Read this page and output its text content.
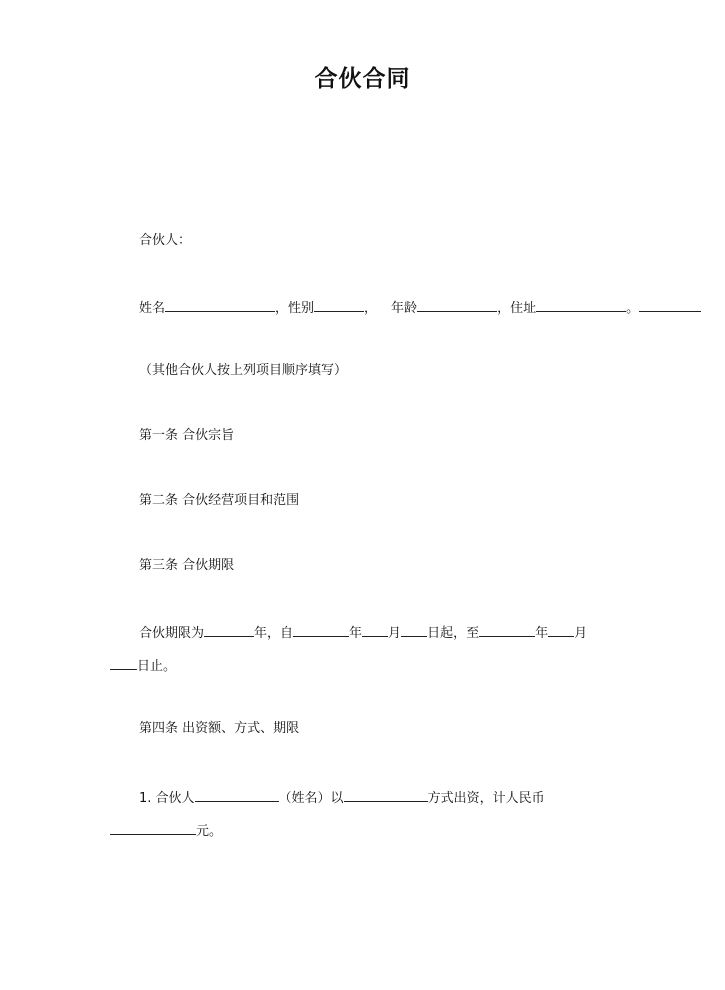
合伙合同
合伙人：
姓名	，性别	， 年龄	，住址	。
（其他合伙人按上列项目顺序填写）
第一条 合伙宗旨
第二条 合伙经营项目和范围
第三条 合伙期限
合伙期限为	年，自	年 月 日起，至	年 月
日止。
第四条 出资额、方式、期限
1. 合伙人	（姓名）以	方式出资，计人民币
元。
